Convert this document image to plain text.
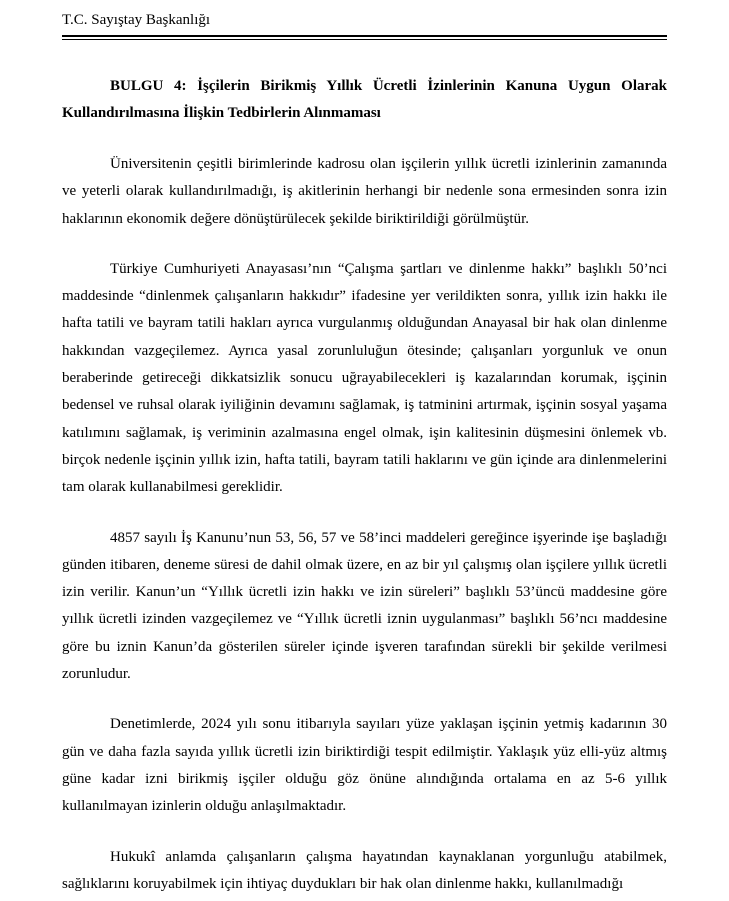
T.C. Sayıştay Başkanlığı

BULGU 4: İşçilerin Birikmiş Yıllık Ücretli İzinlerinin Kanuna Uygun Olarak Kullandırılmasına İlişkin Tedbirlerin Alınmaması

Üniversitenin çeşitli birimlerinde kadrosu olan işçilerin yıllık ücretli izinlerinin zamanında ve yeterli olarak kullandırılmadığı, iş akitlerinin herhangi bir nedenle sona ermesinden sonra izin haklarının ekonomik değere dönüştürülecek şekilde biriktirildiği görülmüştür.

Türkiye Cumhuriyeti Anayasası’nın “Çalışma şartları ve dinlenme hakkı” başlıklı 50’nci maddesinde “dinlenmek çalışanların hakkıdır” ifadesine yer verildikten sonra, yıllık izin hakkı ile hafta tatili ve bayram tatili hakları ayrıca vurgulanmış olduğundan Anayasal bir hak olan dinlenme hakkından vazgeçilemez. Ayrıca yasal zorunluluğun ötesinde; çalışanları yorgunluk ve onun beraberinde getireceği dikkatsizlik sonucu uğrayabilecekleri iş kazalarından korumak, işçinin bedensel ve ruhsal olarak iyiliğinin devamını sağlamak, iş tatminini artırmak, işçinin sosyal yaşama katılımını sağlamak, iş veriminin azalmasına engel olmak, işin kalitesinin düşmesini önlemek vb. birçok nedenle işçinin yıllık izin, hafta tatili, bayram tatili haklarını ve gün içinde ara dinlenmelerini tam olarak kullanabilmesi gereklidir.

4857 sayılı İş Kanunu’nun 53, 56, 57 ve 58’inci maddeleri gereğince işyerinde işe başladığı günden itibaren, deneme süresi de dahil olmak üzere, en az bir yıl çalışmış olan işçilere yıllık ücretli izin verilir. Kanun’un “Yıllık ücretli izin hakkı ve izin süreleri” başlıklı 53’üncü maddesine göre yıllık ücretli izinden vazgeçilemez ve “Yıllık ücretli iznin uygulanması” başlıklı 56’ncı maddesine göre bu iznin Kanun’da gösterilen süreler içinde işveren tarafından sürekli bir şekilde verilmesi zorunludur.

Denetimlerde, 2024 yılı sonu itibarıyla sayıları yüze yaklaşan işçinin yetmiş kadarının 30 gün ve daha fazla sayıda yıllık ücretli izin biriktirdiği tespit edilmiştir. Yaklaşık yüz elli-yüz altmış güne kadar izni birikmiş işçiler olduğu göz önüne alındığında ortalama en az 5-6 yıllık kullanılmayan izinlerin olduğu anlaşılmaktadır.

Hukukî anlamda çalışanların çalışma hayatından kaynaklanan yorgunluğu atabilmek, sağlıklarını koruyabilmek için ihtiyaç duydukları bir hak olan dinlenme hakkı, kullanılmadığı
